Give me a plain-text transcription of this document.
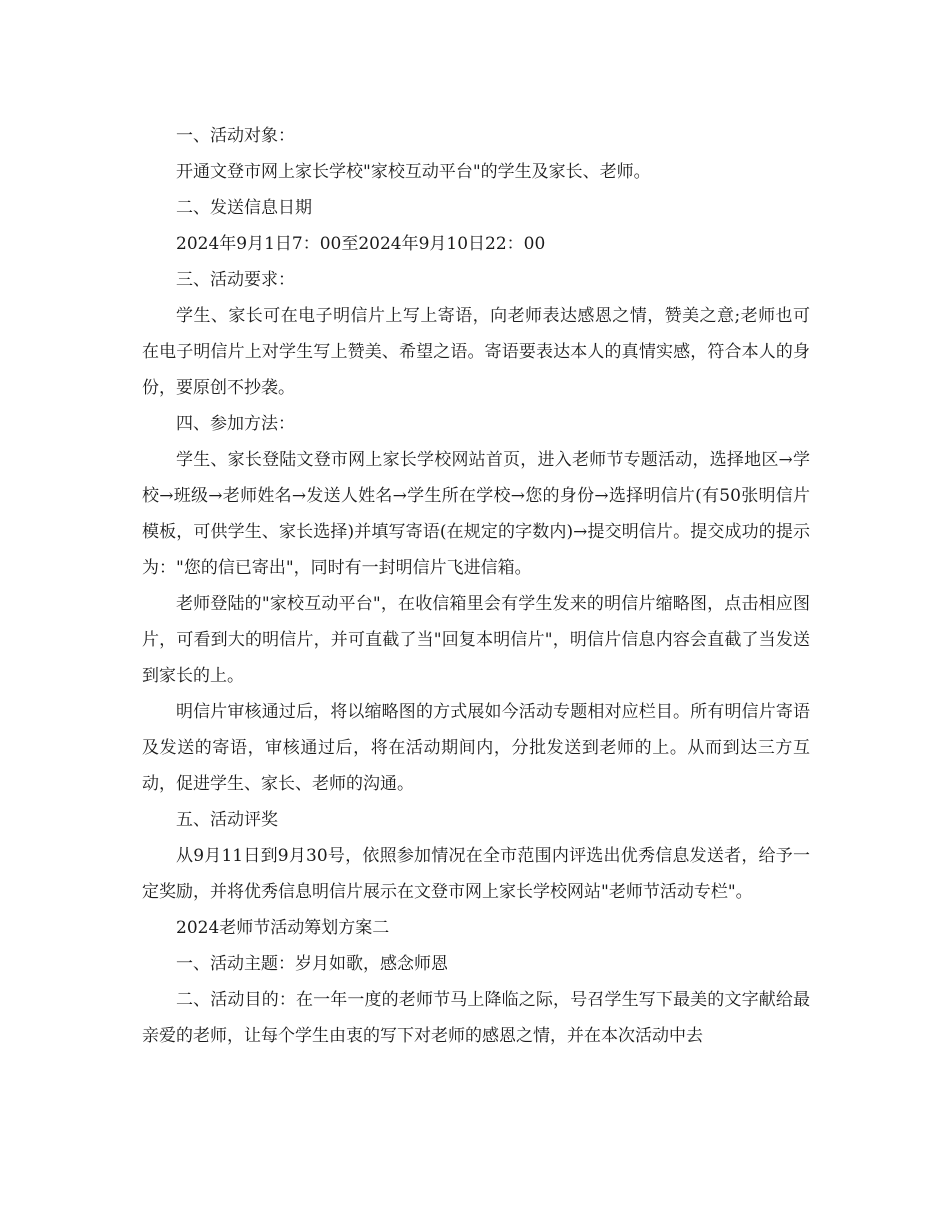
一、活动对象：

开通文登市网上家长学校"家校互动平台"的学生及家长、老师。

二、发送信息日期

2024年9月1日7：00至2024年9月10日22：00

三、活动要求：

学生、家长可在电子明信片上写上寄语，向老师表达感恩之情，赞美之意;老师也可在电子明信片上对学生写上赞美、希望之语。寄语要表达本人的真情实感，符合本人的身份，要原创不抄袭。

四、参加方法：

学生、家长登陆文登市网上家长学校网站首页，进入老师节专题活动，选择地区→学校→班级→老师姓名→发送人姓名→学生所在学校→您的身份→选择明信片(有50张明信片模板，可供学生、家长选择)并填写寄语(在规定的字数内)→提交明信片。提交成功的提示为："您的信已寄出"，同时有一封明信片飞进信箱。

老师登陆的"家校互动平台"，在收信箱里会有学生发来的明信片缩略图，点击相应图片，可看到大的明信片，并可直截了当"回复本明信片"，明信片信息内容会直截了当发送到家长的上。

明信片审核通过后，将以缩略图的方式展如今活动专题相对应栏目。所有明信片寄语及发送的寄语，审核通过后，将在活动期间内，分批发送到老师的上。从而到达三方互动，促进学生、家长、老师的沟通。

五、活动评奖

从9月11日到9月30号，依照参加情况在全市范围内评选出优秀信息发送者，给予一定奖励，并将优秀信息明信片展示在文登市网上家长学校网站"老师节活动专栏"。

2024老师节活动筹划方案二

一、活动主题：岁月如歌，感念师恩

二、活动目的：在一年一度的老师节马上降临之际，号召学生写下最美的文字献给最亲爱的老师，让每个学生由衷的写下对老师的感恩之情，并在本次活动中去
